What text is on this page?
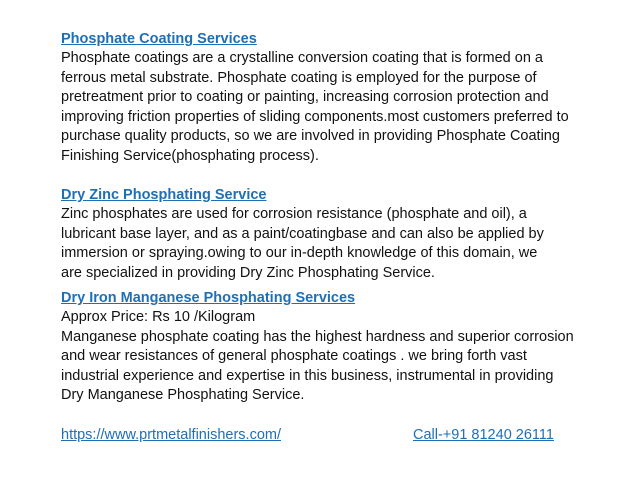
Phosphate Coating Services
Phosphate coatings are a crystalline conversion coating that is formed on a
ferrous metal substrate. Phosphate coating is employed for the purpose of
pretreatment prior to coating or painting, increasing corrosion protection and
improving friction properties of sliding components.most customers preferred to
purchase quality products, so we are involved in providing Phosphate Coating
Finishing Service(phosphating process).
Dry Zinc Phosphating Service
Zinc phosphates are used for corrosion resistance (phosphate and oil), a
lubricant base layer, and as a paint/coatingbase and can also be applied by
immersion or spraying.owing to our in-depth knowledge of this domain, we
are specialized in providing Dry Zinc Phosphating Service.
Dry Iron Manganese Phosphating Services
Approx Price: Rs 10 /Kilogram
Manganese phosphate coating has the highest hardness and superior corrosion
and wear resistances of general phosphate coatings . we bring forth vast
industrial experience and expertise in this business, instrumental in providing
Dry Manganese Phosphating Service.
https://www.prtmetalfinishers.com/	Call-+91 81240 26111
